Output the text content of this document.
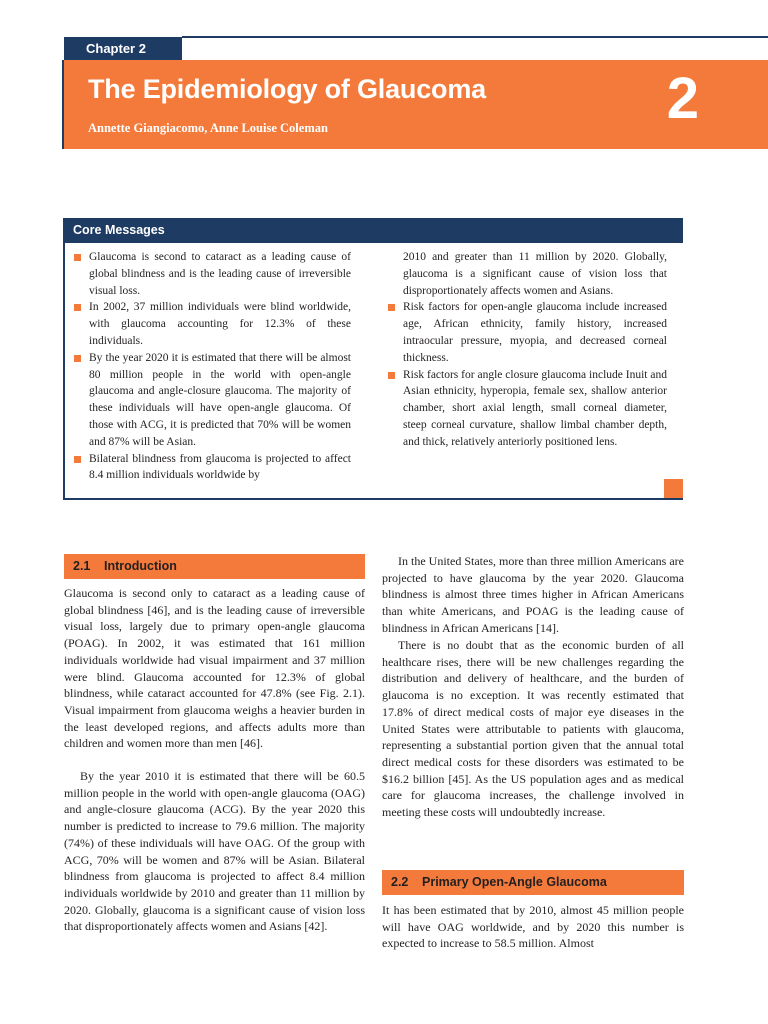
Chapter 2
The Epidemiology of Glaucoma
Annette Giangiacomo, Anne Louise Coleman	2
Core Messages
Glaucoma is second to cataract as a leading cause of global blindness and is the leading cause of irreversible visual loss.
In 2002, 37 million individuals were blind worldwide, with glaucoma accounting for 12.3% of these individuals.
By the year 2020 it is estimated that there will be almost 80 million people in the world with open-angle glaucoma and angle-closure glaucoma. The majority of these individuals will have open-angle glaucoma. Of those with ACG, it is predicted that 70% will be women and 87% will be Asian.
Bilateral blindness from glaucoma is projected to affect 8.4 million individuals worldwide by
2010 and greater than 11 million by 2020. Globally, glaucoma is a significant cause of vision loss that disproportionately affects women and Asians.
Risk factors for open-angle glaucoma include increased age, African ethnicity, family history, increased intraocular pressure, myopia, and decreased corneal thickness.
Risk factors for angle closure glaucoma include Inuit and Asian ethnicity, hyperopia, female sex, shallow anterior chamber, short axial length, small corneal diameter, steep corneal curvature, shallow limbal chamber depth, and thick, relatively anteriorly positioned lens.
2.1 Introduction
Glaucoma is second only to cataract as a leading cause of global blindness [46], and is the leading cause of irreversible visual loss, largely due to primary open-angle glaucoma (POAG). In 2002, it was estimated that 161 million individuals worldwide had visual impairment and 37 million were blind. Glaucoma accounted for 12.3% of global blindness, while cataract accounted for 47.8% (see Fig. 2.1). Visual impairment from glaucoma weighs a heavier burden in the least developed regions, and affects adults more than children and women more than men [46].
By the year 2010 it is estimated that there will be 60.5 million people in the world with open-angle glaucoma (OAG) and angle-closure glaucoma (ACG). By the year 2020 this number is predicted to increase to 79.6 million. The majority (74%) of these individuals will have OAG. Of the group with ACG, 70% will be women and 87% will be Asian. Bilateral blindness from glaucoma is projected to affect 8.4 million individuals worldwide by 2010 and greater than 11 million by 2020. Globally, glaucoma is a significant cause of vision loss that disproportionately affects women and Asians [42].
In the United States, more than three million Americans are projected to have glaucoma by the year 2020. Glaucoma blindness is almost three times higher in African Americans than white Americans, and POAG is the leading cause of blindness in African Americans [14].
There is no doubt that as the economic burden of all healthcare rises, there will be new challenges regarding the distribution and delivery of healthcare, and the burden of glaucoma is no exception. It was recently estimated that 17.8% of direct medical costs of major eye diseases in the United States were attributable to patients with glaucoma, representing a substantial portion given that the annual total direct medical costs for these disorders was estimated to be $16.2 billion [45]. As the US population ages and as medical care for glaucoma increases, the challenge involved in meeting these costs will undoubtedly increase.
2.2 Primary Open-Angle Glaucoma
It has been estimated that by 2010, almost 45 million people will have OAG worldwide, and by 2020 this number is expected to increase to 58.5 million. Almost
